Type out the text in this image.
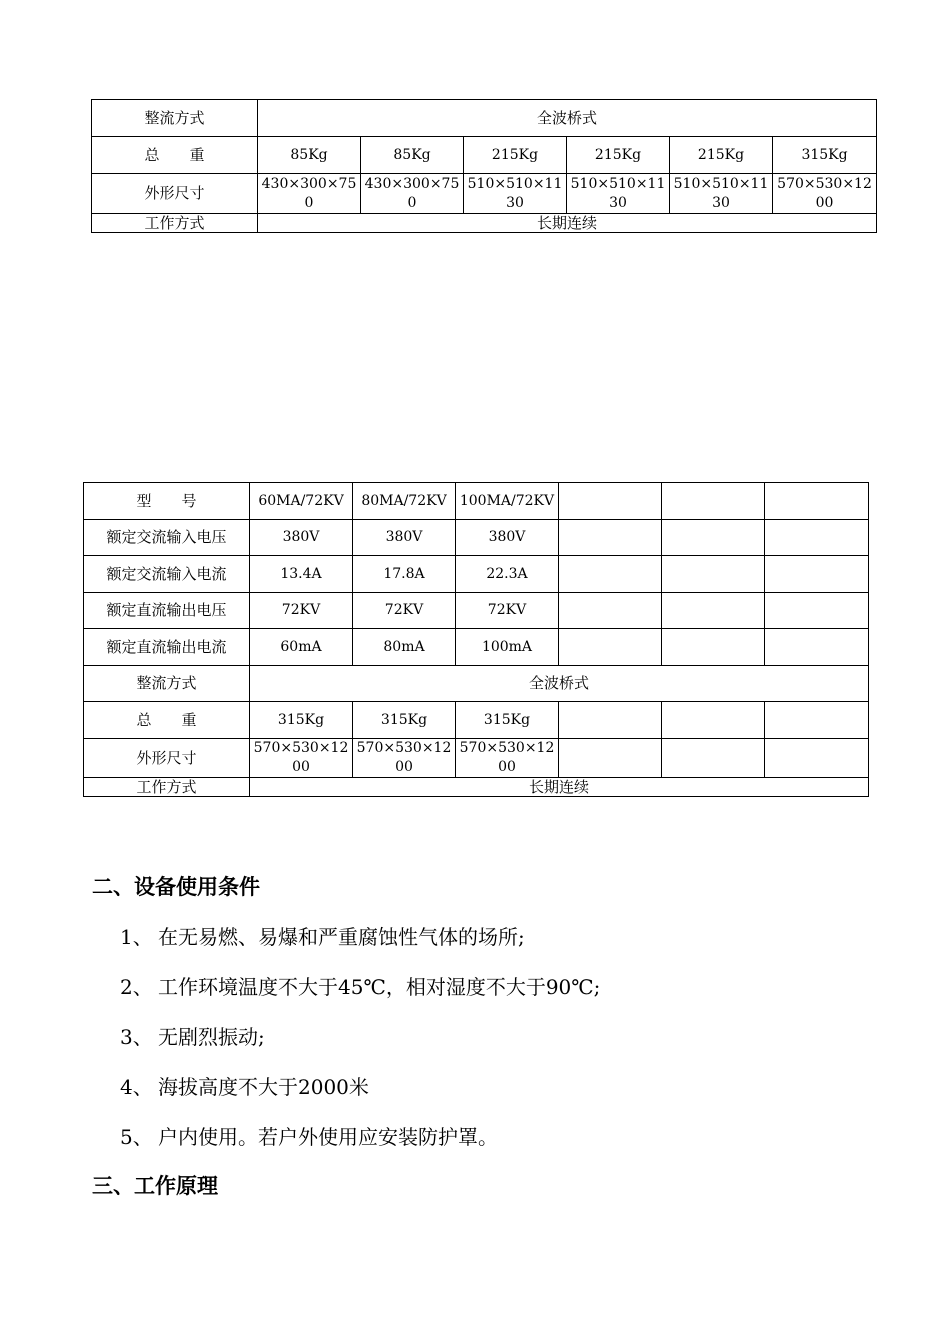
整流方式	全波桥式					
总　　重	85Kg	85Kg	215Kg	215Kg	215Kg	315Kg
外形尺寸	430×300×750	430×300×750	510×510×1130	510×510×1130	510×510×1130	570×530×1200
工作方式	长期连续					
型　　号	60MA/72KV	80MA/72KV	100MA/72KV			
额定交流输入电压	380V	380V	380V			
额定交流输入电流	13.4A	17.8A	22.3A			
额定直流输出电压	72KV	72KV	72KV			
额定直流输出电流	60mA	80mA	100mA			
整流方式	全波桥式					
总　　重	315Kg	315Kg	315Kg			
外形尺寸	570×530×1200	570×530×1200	570×530×1200			
工作方式	长期连续					
二、设备使用条件
1、 在无易燃、易爆和严重腐蚀性气体的场所;
2、 工作环境温度不大于45℃，相对湿度不大于90℃;
3、 无剧烈振动;
4、 海拔高度不大于2000米
5、 户内使用。若户外使用应安装防护罩。
三、工作原理
